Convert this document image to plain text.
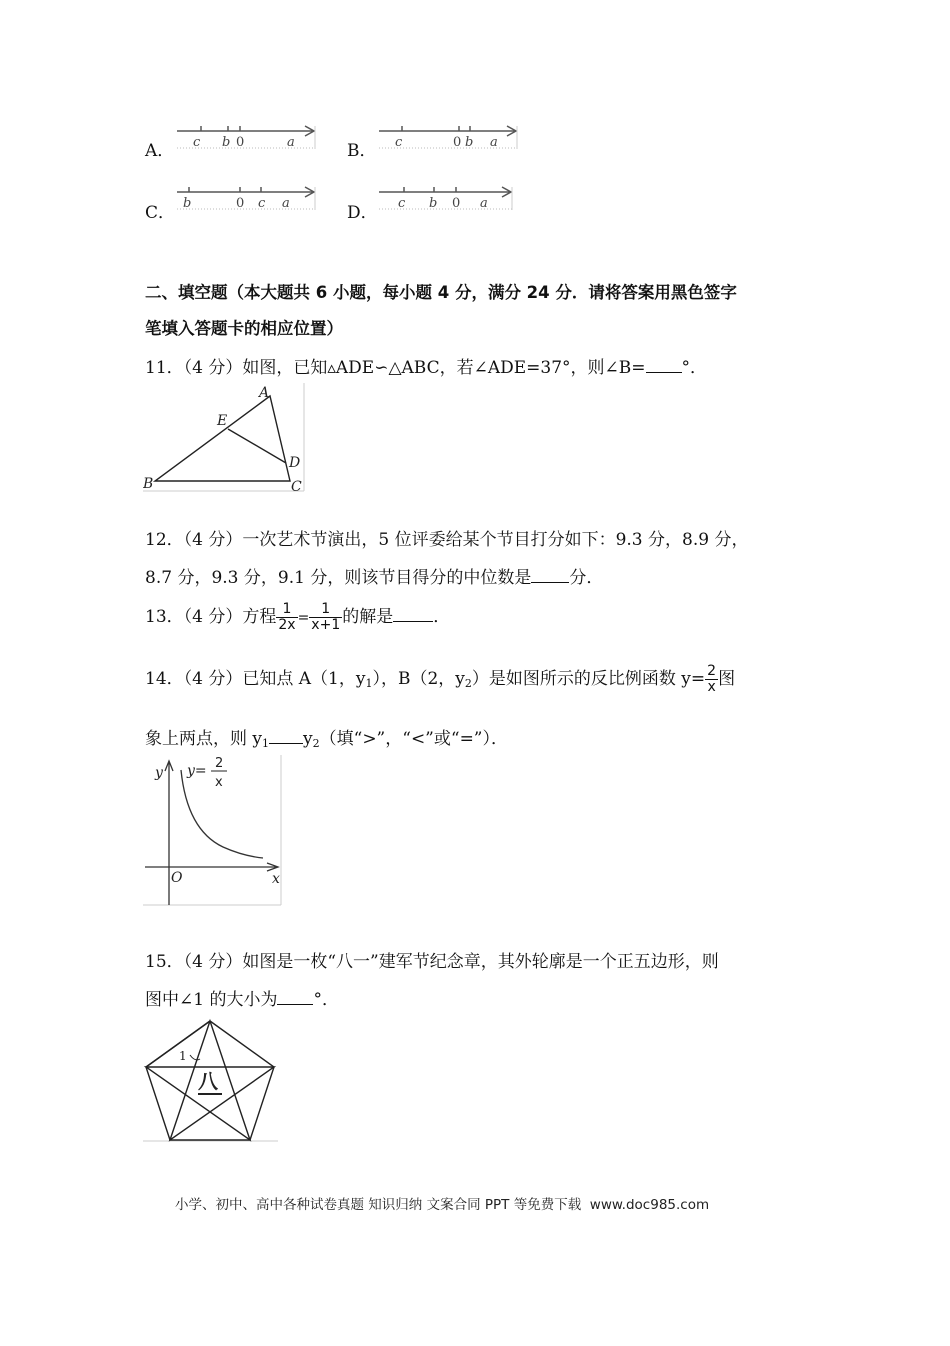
A． c b 0	a	B． c	0 b a
C． b	0 c a	D． c b 0 a
二、填空题（本大题共 6 小题，每小题 4 分，满分 24 分．请将答案用黑色签字
笔填入答题卡的相应位置）
11．（4 分）如图，已知▵ADE∽△ABC，若∠ADE=37°，则∠B= °．
A
E
D
B	C
12．（4 分）一次艺术节演出，5 位评委给某个节目打分如下：9.3 分，8.9 分，
8.7 分，9.3 分，9.1 分，则该节目得分的中位数是 分．
13．（4 分）方程 $\frac{1}{2x} = \frac{1}{x+1}$ 的解是 ．
14．（4 分）已知点 A（1，$y_1$），B（2，$y_2$）是如图所示的反比例函数 $y= \frac{2}{x}$ 图
象上两点，则 $y_1$ $y_2$（填“>”，“<”或“=”）．
y
x
O
y= 2
x
15．（4 分）如图是一枚“八一”建军节纪念章，其外轮廓是一个正五边形，则
图中∠1 的大小为 °．
1
八
小学、初中、高中各种试卷真题 知识归纳 文案合同 PPT 等免费下载 www.doc985.com
